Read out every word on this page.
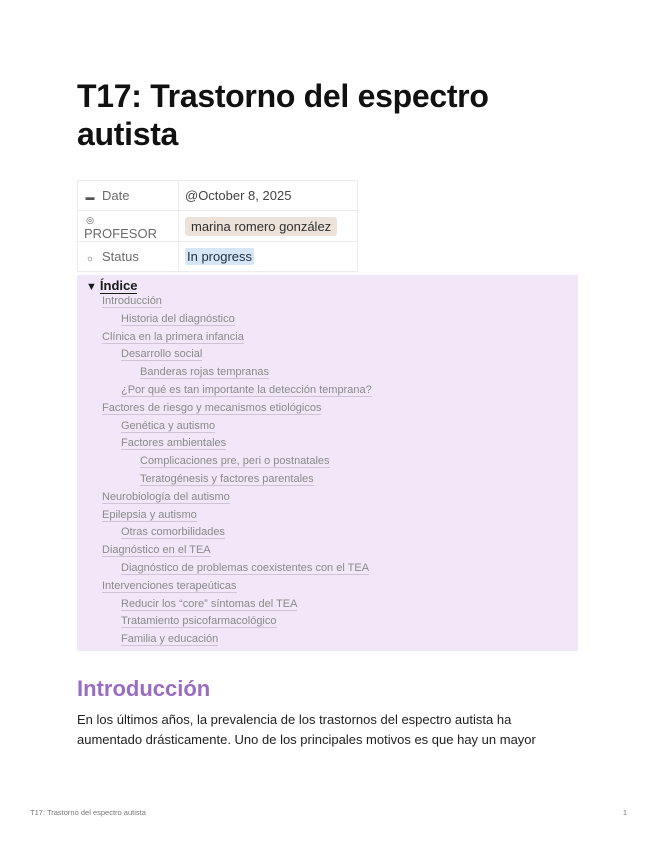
T17: Trastorno del espectro autista
▬ Date	@October 8, 2025
◎PROFESOR	marina romero gonzález
☼ Status	In progress
▼ Índice
Introducción
Historia del diagnóstico
Clínica en la primera infancia
Desarrollo social
Banderas rojas tempranas
¿Por qué es tan importante la detección temprana?
Factores de riesgo y mecanismos etiológicos
Genética y autismo
Factores ambientales
Complicaciones pre, peri o postnatales
Teratogénesis y factores parentales
Neurobiología del autismo
Epilepsia y autismo
Otras comorbilidades
Diagnóstico en el TEA
Diagnóstico de problemas coexistentes con el TEA
Intervenciones terapeúticas
Reducir los “core” síntomas del TEA
Tratamiento psicofarmacológico
Familia y educación
Introducción
En los últimos años, la prevalencia de los trastornos del espectro autista ha
aumentado drásticamente. Uno de los principales motivos es que hay un mayor
T17: Trastorno del espectro autista	1
